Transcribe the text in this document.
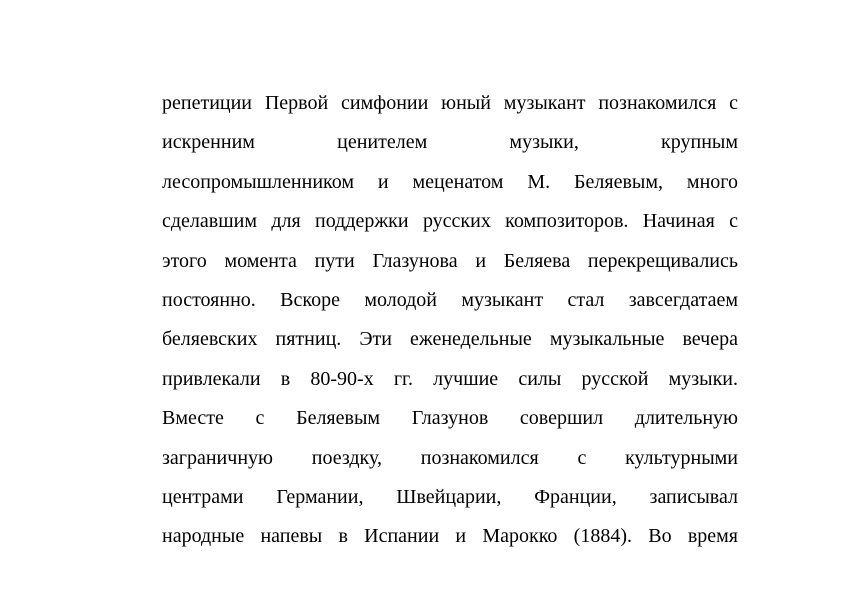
репетиции Первой симфонии юный музыкант познакомился с
искренним ценителем музыки, крупным
лесопромышленником и меценатом М. Беляевым, много
сделавшим для поддержки русских композиторов. Начиная с
этого момента пути Глазунова и Беляева перекрещивались
постоянно. Вскоре молодой музыкант стал завсегдатаем
беляевских пятниц. Эти еженедельные музыкальные вечера
привлекали в 80-90-х гг. лучшие силы русской музыки.
Вместе с Беляевым Глазунов совершил длительную
заграничную поездку, познакомился с культурными
центрами Германии, Швейцарии, Франции, записывал
народные напевы в Испании и Марокко (1884). Во время
